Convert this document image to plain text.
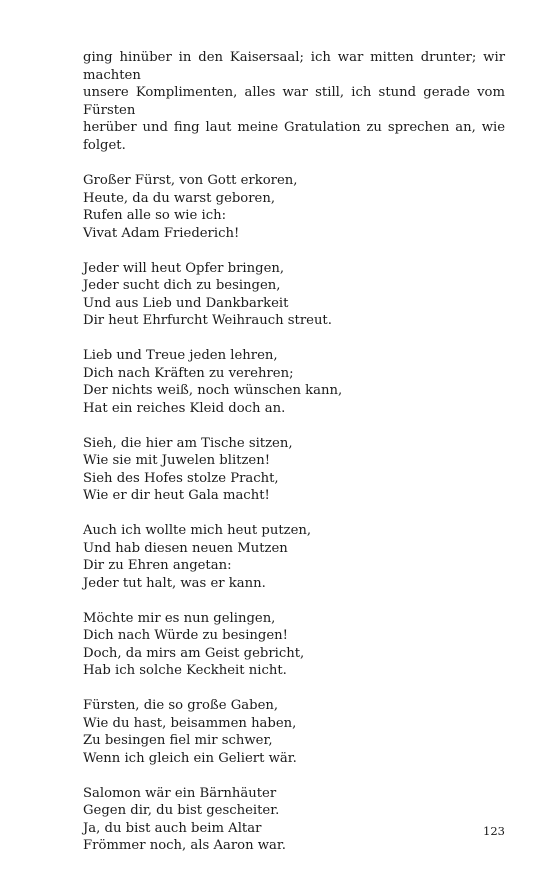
ging hinüber in den Kaisersaal; ich war mitten drunter; wir machten
unsere Komplimenten, alles war still, ich stund gerade vom Fürsten
herüber und fing laut meine Gratulation zu sprechen an, wie folget.

Großer Fürst, von Gott erkoren,
Heute, da du warst geboren,
Rufen alle so wie ich:
Vivat Adam Friederich!
Jeder will heut Opfer bringen,
Jeder sucht dich zu besingen,
Und aus Lieb und Dankbarkeit
Dir heut Ehrfurcht Weihrauch streut.
Lieb und Treue jeden lehren,
Dich nach Kräften zu verehren;
Der nichts weiß, noch wünschen kann,
Hat ein reiches Kleid doch an.
Sieh, die hier am Tische sitzen,
Wie sie mit Juwelen blitzen!
Sieh des Hofes stolze Pracht,
Wie er dir heut Gala macht!
Auch ich wollte mich heut putzen,
Und hab diesen neuen Mutzen
Dir zu Ehren angetan:
Jeder tut halt, was er kann.
Möchte mir es nun gelingen,
Dich nach Würde zu besingen!
Doch, da mirs am Geist gebricht,
Hab ich solche Keckheit nicht.
Fürsten, die so große Gaben,
Wie du hast, beisammen haben,
Zu besingen fiel mir schwer,
Wenn ich gleich ein Geliert wär.
Salomon wär ein Bärnhäuter
Gegen dir, du bist gescheiter.
Ja, du bist auch beim Altar
Frömmer noch, als Aaron war.
123
